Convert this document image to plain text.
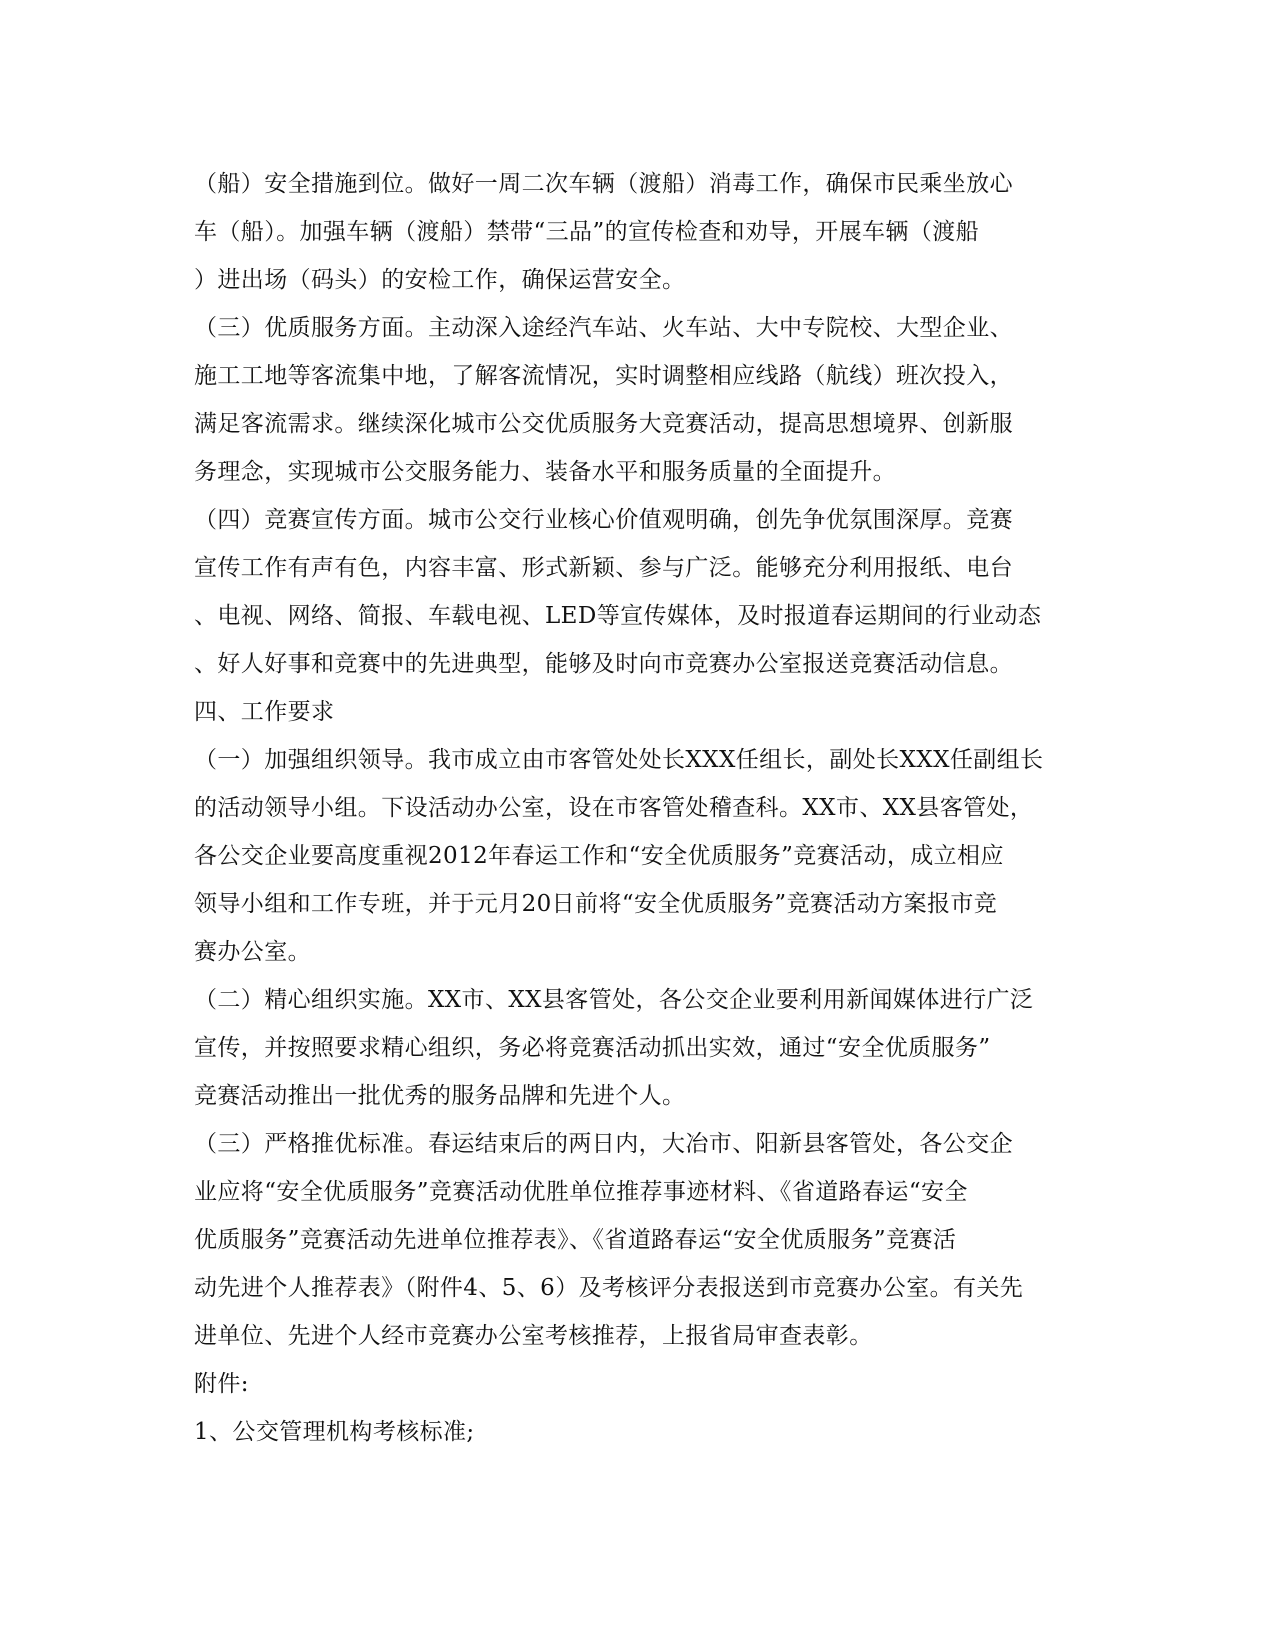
（船）安全措施到位。做好一周二次车辆（渡船）消毒工作，确保市民乘坐放心
车（船）。加强车辆（渡船）禁带“三品”的宣传检查和劝导，开展车辆（渡船
）进出场（码头）的安检工作，确保运营安全。
（三）优质服务方面。主动深入途经汽车站、火车站、大中专院校、大型企业、
施工工地等客流集中地，了解客流情况，实时调整相应线路（航线）班次投入，
满足客流需求。继续深化城市公交优质服务大竞赛活动，提高思想境界、创新服
务理念，实现城市公交服务能力、装备水平和服务质量的全面提升。
（四）竞赛宣传方面。城市公交行业核心价值观明确，创先争优氛围深厚。竞赛
宣传工作有声有色，内容丰富、形式新颖、参与广泛。能够充分利用报纸、电台
、电视、网络、简报、车载电视、LED等宣传媒体，及时报道春运期间的行业动态
、好人好事和竞赛中的先进典型，能够及时向市竞赛办公室报送竞赛活动信息。
四、工作要求
（一）加强组织领导。我市成立由市客管处处长XXX任组长，副处长XXX任副组长
的活动领导小组。下设活动办公室，设在市客管处稽查科。XX市、XX县客管处，
各公交企业要高度重视2012年春运工作和“安全优质服务”竞赛活动，成立相应
领导小组和工作专班，并于元月20日前将“安全优质服务”竞赛活动方案报市竞
赛办公室。
（二）精心组织实施。XX市、XX县客管处，各公交企业要利用新闻媒体进行广泛
宣传，并按照要求精心组织，务必将竞赛活动抓出实效，通过“安全优质服务”
竞赛活动推出一批优秀的服务品牌和先进个人。
（三）严格推优标准。春运结束后的两日内，大冶市、阳新县客管处，各公交企
业应将“安全优质服务”竞赛活动优胜单位推荐事迹材料、《省道路春运“安全
优质服务”竞赛活动先进单位推荐表》、《省道路春运“安全优质服务”竞赛活
动先进个人推荐表》（附件4、5、6）及考核评分表报送到市竞赛办公室。有关先
进单位、先进个人经市竞赛办公室考核推荐，上报省局审查表彰。
附件:
1、公交管理机构考核标准;
